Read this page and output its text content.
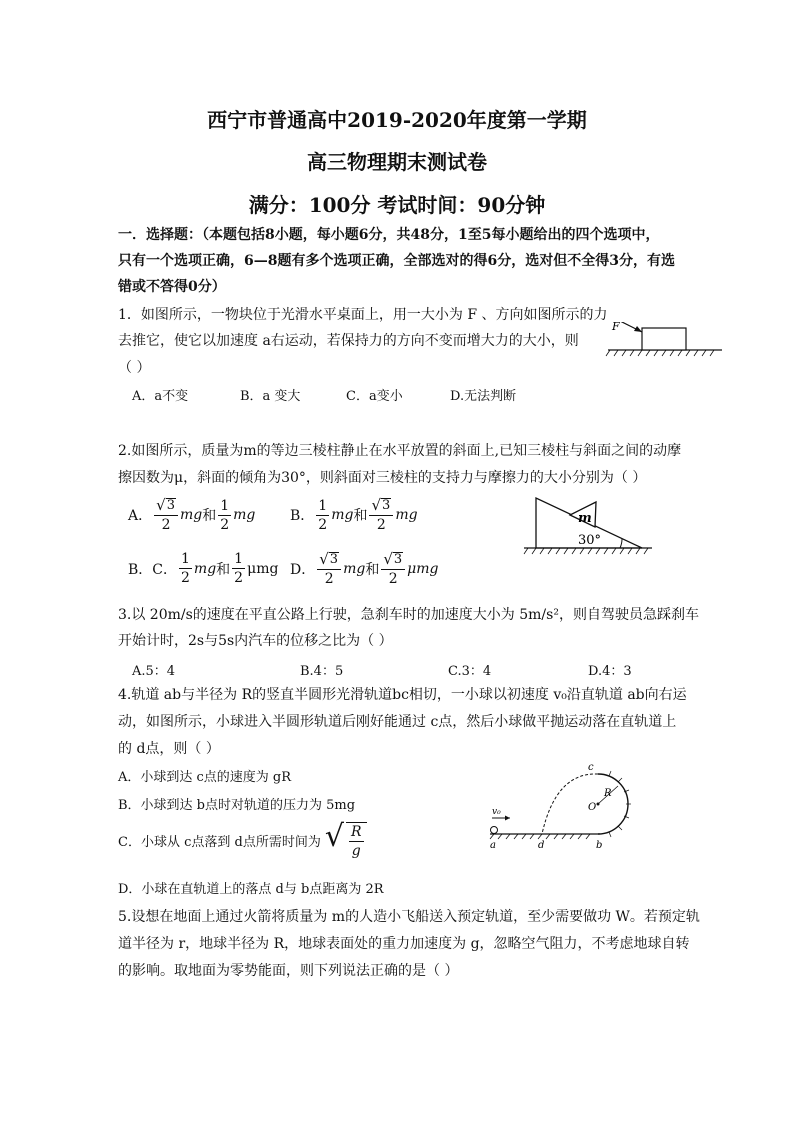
西宁市普通高中2019-2020年度第一学期
高三物理期末测试卷
满分：100分 考试时间：90分钟
一．选择题：（本题包括8小题，每小题6分，共48分，1至5每小题给出的四个选项中，
只有一个选项正确，6—8题有多个选项正确，全部选对的得6分，选对但不全得3分，有选
错或不答得0分）
1．如图所示，一物块位于光滑水平桌面上，用一大小为 F 、方向如图所示的力
去推它，使它以加速度 a右运动，若保持力的方向不变而增大力的大小，则
（ ）
A．a不变	B．a 变大	C．a变小	D.无法判断
F
2.如图所示，质量为m的等边三棱柱静止在水平放置的斜面上,已知三棱柱与斜面之间的动摩
擦因数为μ，斜面的倾角为30°，则斜面对三棱柱的支持力与摩擦力的大小分别为（ ）
A． $\frac{√ 3}{2}$ mg 和 $\frac{1}{2}$ mg B． $\frac{1}{2}$ mg 和 $\frac{√ 3}{2}$ mg
B．C． $\frac{1}{2}$ mg 和 $\frac{1}{2}$ μmg D． $\frac{√ 3}{2}$ mg 和 $\frac{√ 3}{2}$ μmg
m
30°
3.以 20m/s的速度在平直公路上行驶，急刹车时的加速度大小为 5m/s²，则自驾驶员急踩刹车
开始计时，2s与5s内汽车的位移之比为（ ）
A.5：4	B.4：5	C.3：4	D.4：3
4.轨道 ab与半径为 R的竖直半圆形光滑轨道bc相切，一小球以初速度 v₀沿直轨道 ab向右运
动，如图所示，小球进入半圆形轨道后刚好能通过 c点，然后小球做平抛运动落在直轨道上
的 d点，则（ ）
A．小球到达 c点的速度为 gR
B．小球到达 b点时对轨道的压力为 5mg
C．小球从 c点落到 d点所需时间为 √ $\frac{R}{g}$
D．小球在直轨道上的落点 d与 b点距离为 2R
v₀
c
R
O
a	d	b
5.设想在地面上通过火箭将质量为 m的人造小飞船送入预定轨道，至少需要做功 W。若预定轨
道半径为 r，地球半径为 R，地球表面处的重力加速度为 g，忽略空气阻力，不考虑地球自转
的影响。取地面为零势能面，则下列说法正确的是（ ）
